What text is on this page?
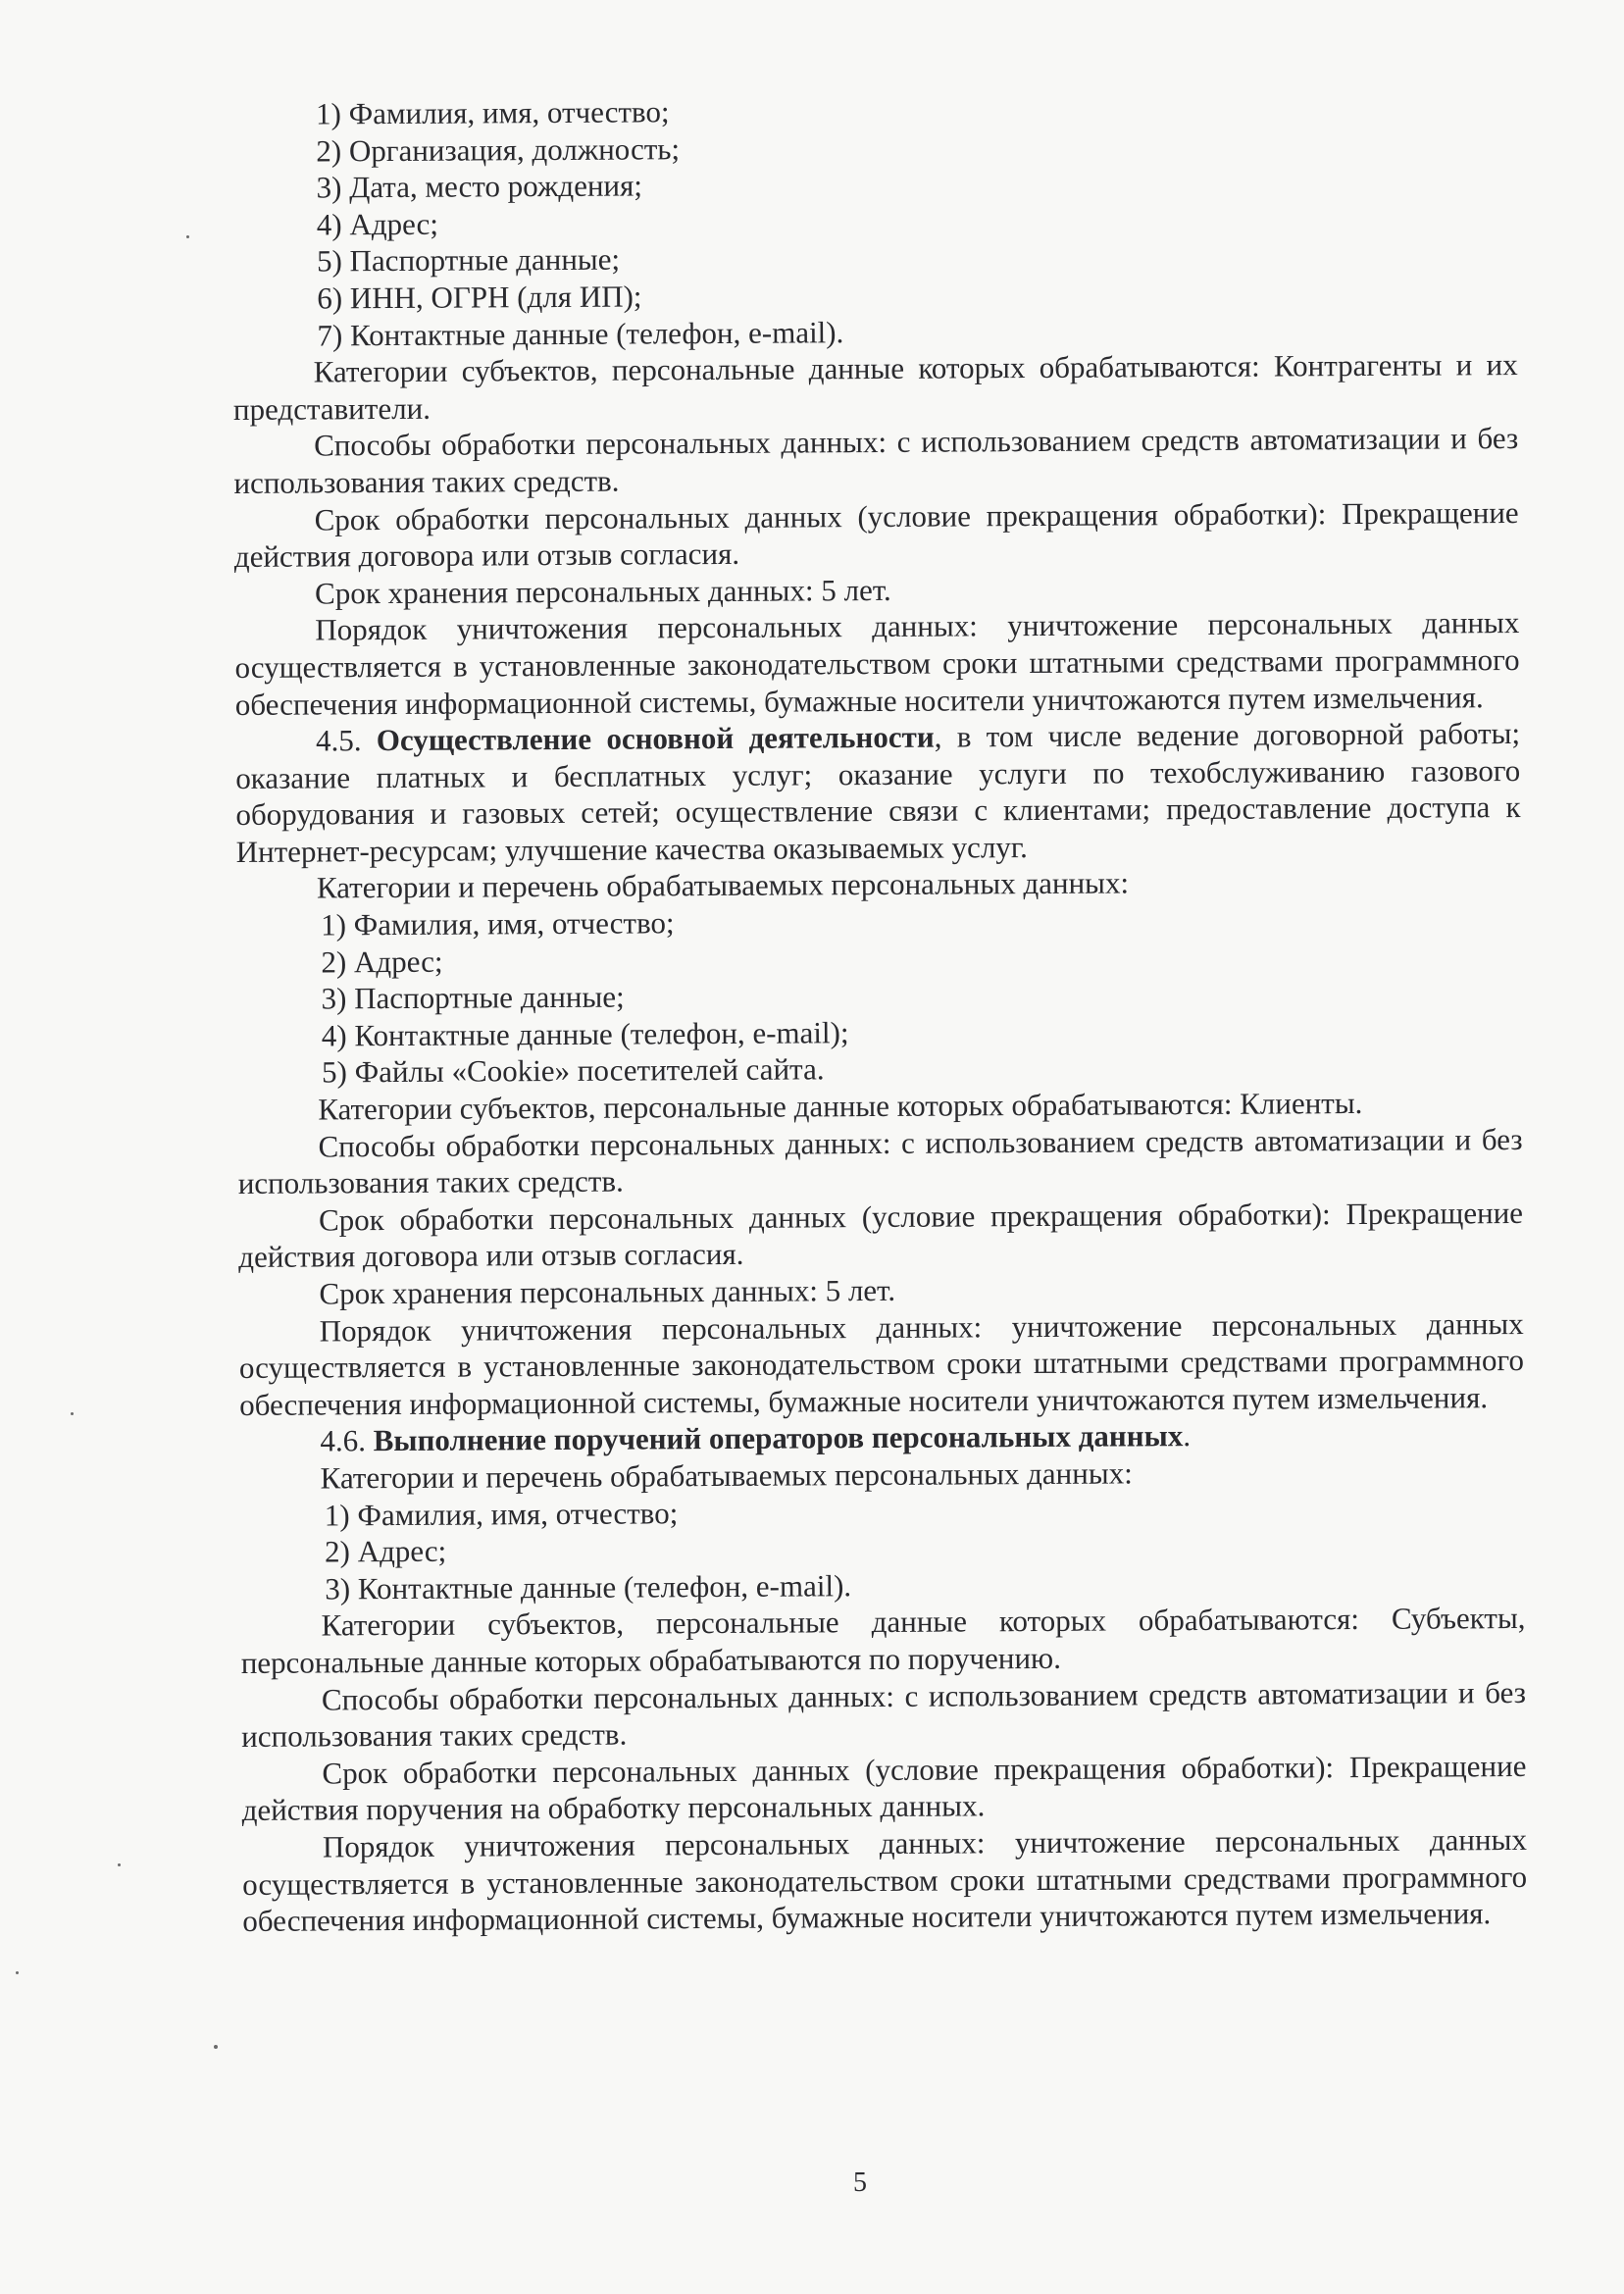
1) Фамилия, имя, отчество;
2) Организация, должность;
3) Дата, место рождения;
4) Адрес;
5) Паспортные данные;
6) ИНН, ОГРН (для ИП);
7) Контактные данные (телефон, e-mail).

Категории субъектов, персональные данные которых обрабатываются: Контрагенты и их представители.

Способы обработки персональных данных: с использованием средств автоматизации и без использования таких средств.

Срок обработки персональных данных (условие прекращения обработки): Прекращение действия договора или отзыв согласия.

Срок хранения персональных данных: 5 лет.

Порядок уничтожения персональных данных: уничтожение персональных данных осуществляется в установленные законодательством сроки штатными средствами программного обеспечения информационной системы, бумажные носители уничтожаются путем измельчения.

4.5. Осуществление основной деятельности, в том числе ведение договорной работы; оказание платных и бесплатных услуг; оказание услуги по техобслуживанию газового оборудования и газовых сетей; осуществление связи с клиентами; предоставление доступа к Интернет-ресурсам; улучшение качества оказываемых услуг.

Категории и перечень обрабатываемых персональных данных:

1) Фамилия, имя, отчество;
2) Адрес;
3) Паспортные данные;
4) Контактные данные (телефон, e-mail);
5) Файлы «Cookie» посетителей сайта.

Категории субъектов, персональные данные которых обрабатываются: Клиенты.

Способы обработки персональных данных: с использованием средств автоматизации и без использования таких средств.

Срок обработки персональных данных (условие прекращения обработки): Прекращение действия договора или отзыв согласия.

Срок хранения персональных данных: 5 лет.

Порядок уничтожения персональных данных: уничтожение персональных данных осуществляется в установленные законодательством сроки штатными средствами программного обеспечения информационной системы, бумажные носители уничтожаются путем измельчения.

4.6. Выполнение поручений операторов персональных данных.

Категории и перечень обрабатываемых персональных данных:

1) Фамилия, имя, отчество;
2) Адрес;
3) Контактные данные (телефон, e-mail).

Категории субъектов, персональные данные которых обрабатываются: Субъекты, персональные данные которых обрабатываются по поручению.

Способы обработки персональных данных: с использованием средств автоматизации и без использования таких средств.

Срок обработки персональных данных (условие прекращения обработки): Прекращение действия поручения на обработку персональных данных.

Порядок уничтожения персональных данных: уничтожение персональных данных осуществляется в установленные законодательством сроки штатными средствами программного обеспечения информационной системы, бумажные носители уничтожаются путем измельчения.

5
